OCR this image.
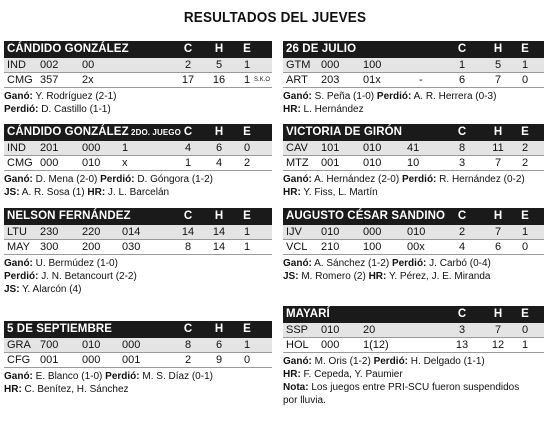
RESULTADOS DEL JUEVES
CÁNDIDO GONZÁLEZ	C H E
IND 002 00	2	5	1
CMG 357 2x	17 16	1 S.K.O
Ganó: Y. Rodríguez (2-1)
Perdió: D. Castillo (1-1)
CÁNDIDO GONZÁLEZ 2DO. JUEGO C H E
IND 201 000 1	4	6	0
CMG 000 010 x	1	4	2
Ganó: D. Mena (2-0) Perdió: D. Góngora (1-2)
JS: A. R. Sosa (1) HR: J. L. Barcelán
NELSON FERNÁNDEZ	C H E
LTU 230 220 014	14 14	1
MAY 300 200 030	8	14	1
Ganó: U. Bermúdez (1-0)
Perdió: J. N. Betancourt (2-2)
JS: Y. Alarcón (4)
5 DE SEPTIEMBRE	C H E
GRA 700 010 000	8	6	1
CFG 001 000 001	2	9	0
Ganó: E. Blanco (1-0) Perdió: M. S. Díaz (0-1)
HR: C. Benítez, H. Sánchez
26 DE JULIO	C H E
GTM 000 100	1	5	1
ART 203 01x	-	6	7	0
Ganó: S. Peña (1-0) Perdió: A. R. Herrera (0-3)
HR: L. Hernández
VICTORIA DE GIRÓN	C H E
CAV 101 010 41	8	11	2
MTZ 001 010 10	3	7	2
Ganó: A. Hernández (2-0) Perdió: R. Hernández (0-2)
HR: Y. Fiss, L. Martín
AUGUSTO CÉSAR SANDINO C H E
IJV 010 000 010	2	7	1
VCL 210 100 00x	4	6	0
Ganó: A. Sánchez (1-2) Perdió: J. Carbó (0-4)
JS: M. Romero (2) HR: Y. Pérez, J. E. Miranda
MAYARÍ	C H E
SSP 010 20	3	7	0
HOL 000 1(12)	13 12	1
Ganó: M. Oris (1-2) Perdió: H. Delgado (1-1)
HR: F. Cepeda, Y. Paumier
Nota: Los juegos entre PRI-SCU fueron suspendidos
por lluvia.
